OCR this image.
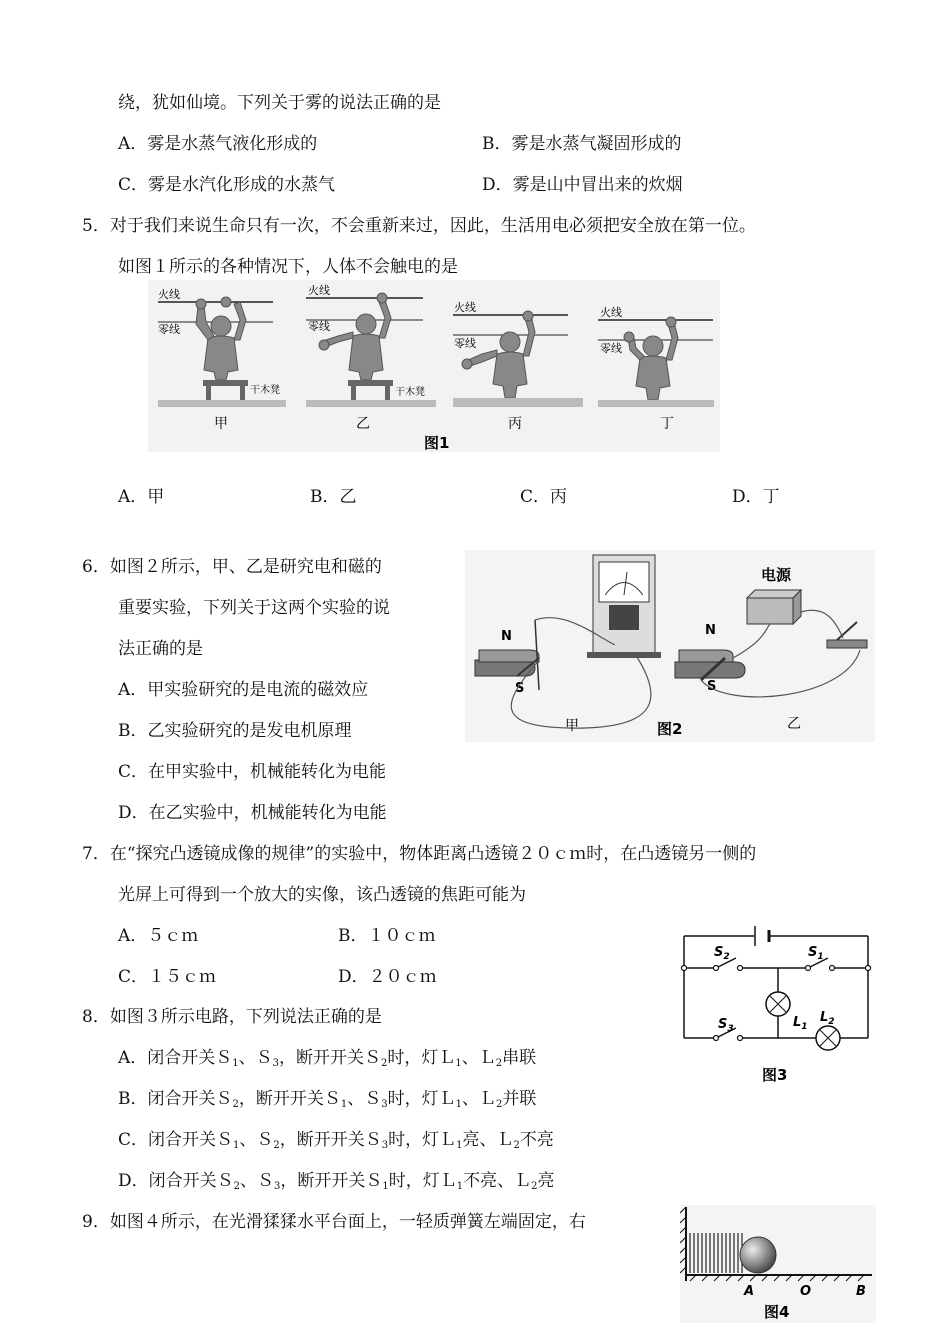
绕，犹如仙境。下列关于雾的说法正确的是
A．雾是水蒸气液化形成的	B．雾是水蒸气凝固形成的
C．雾是水汽化形成的水蒸气	D．雾是山中冒出来的炊烟
5．对于我们来说生命只有一次，不会重新来过，因此，生活用电必须把安全放在第一位。
如图１所示的各种情况下，人体不会触电的是
火线
零线
干木凳
甲
火线
零线
干木凳
乙
火线
零线
丙
火线
零线
丁
图1
A．甲	B．乙	C．丙	D．丁
6．如图２所示，甲、乙是研究电和磁的
重要实验，下列关于这两个实验的说
法正确的是
A．甲实验研究的是电流的磁效应
B．乙实验研究的是发电机原理
C．在甲实验中，机械能转化为电能
D．在乙实验中，机械能转化为电能
N
S
甲
电源
N
S
乙
图2
7．在“探究凸透镜成像的规律”的实验中，物体距离凸透镜２０ｃｍ时，在凸透镜另一侧的
光屏上可得到一个放大的实像，该凸透镜的焦距可能为
A．５ｃｍ	B．１０ｃｍ
C．１５ｃｍ	D．２０ｃｍ
$S_2$	$S_1$
$S_3$	$L_1$
$L_2$
图3
8．如图３所示电路，下列说法正确的是
A．闭合开关Ｓ$_1$、Ｓ$_3$，断开开关Ｓ$_2$时，灯Ｌ$_1$、Ｌ$_2$串联
B．闭合开关Ｓ$_2$，断开开关Ｓ$_1$、Ｓ$_3$时，灯Ｌ$_1$、Ｌ$_2$并联
C．闭合开关Ｓ$_1$、Ｓ$_2$，断开开关Ｓ$_3$时，灯Ｌ$_1$亮、Ｌ$_2$不亮
D．闭合开关Ｓ$_2$、Ｓ$_3$，断开开关Ｓ$_1$时，灯Ｌ$_1$不亮、Ｌ$_2$亮
9．如图４所示，在光滑猱猱水平台面上，一轻质弹簧左端固定，右
A	O	B
图4
